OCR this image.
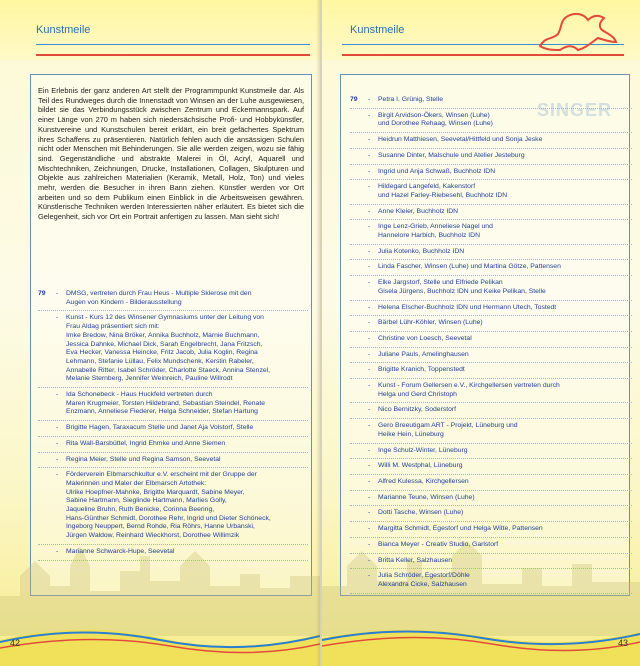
Kunstmeile
Ein Erlebnis der ganz anderen Art stellt der Programmpunkt Kunstmeile dar. Als Teil des Rundweges durch die Innenstadt von Winsen an der Luhe ausgewiesen, bildet sie das Verbindungsstück zwischen Zentrum und Eckermannspark. Auf einer Länge von 270 m haben sich niedersächsische Profi- und Hobbykünstler, Kunstvereine und Kunstschulen bereit erklärt, ein breit gefächertes Spektrum ihres Schaffens zu präsentieren. Natürlich fehlen auch die ansässigen Schulen nicht oder Menschen mit Behinderungen. Sie alle werden zeigen, wozu sie fähig sind. Gegenständliche und abstrakte Malerei in Öl, Acryl, Aquarell und Mischtechniken, Zeichnungen, Drucke, Installationen, Collagen, Skulpturen und Objekte aus zahlreichen Materialien (Keramik, Metall, Holz, Ton) und vieles mehr, werden die Besucher in ihren Bann ziehen. Künstler werden vor Ort arbeiten und so dem Publikum einen Einblick in die Arbeitsweisen gewähren. Künstlerische Techniken werden Interessierten näher erläutert. Es bietet sich die Gelegenheit, sich vor Ort ein Portrait anfertigen zu lassen. Man sieht sich!
79	- DMSG, vertreten durch Frau Heus - Multiple Sklerose mit den
Augen von Kindern - Bilderausstellung
- Kunst - Kurs 12 des Winsener Gymnasiums unter der Leitung von
Frau Aldag präsentiert sich mit:
Imke Bredow, Nina Bröker, Annika Buchholz, Marnie Buchmann,
Jessica Dahnke, Michael Dick, Sarah Engelbrecht, Jana Fritzsch,
Eva Hecker, Vanessa Heincke, Fritz Jacob, Julia Koglin, Regina
Lehmann, Stefanie Lüllau, Felix Mundschenk, Kerstin Rabeler,
Annabelle Ritter, Isabel Schröder, Charlotte Staeck, Annina Stenzel,
Melanie Sternberg, Jennifer Weinreich, Pauline Willrodt
- Ida Schonebeck - Haus Huckfeld vertreten durch
Maren Krugmeier, Torsten Hildebrand, Sebastian Steindel, Renate
Enzmann, Anneliese Fiederer, Helga Schneider, Stefan Hartung
- Brigitte Hagen, Taraxacum Stelle und Janet Aja Volstorf, Stelle
- Rita Wall-Barsbüttel, Ingrid Ehmke und Anne Siemen
- Regina Meier, Stelle und Regina Samson, Seevetal
- Förderverein Elbmarschkultur e.V. erscheint mit der Gruppe der
Malerinnen und Maler der Elbmarsch Artothek:
Ulrike Hoepfner-Mahnke, Brigitte Marquardt, Sabine Meyer,
Sabine Hartmann, Sieglinde Hartmann, Marlies Golly,
Jaqueline Bruhn, Ruth Benicke, Corinna Beering,
Hans-Günther Schmidt, Dorothee Rehr, Ingrid und Dieter Schöneck,
Ingeborg Neuppert, Bernd Rohde, Ria Röhrs, Hanne Urbanski,
Jürgen Waldow, Reinhard Wieckhorst, Dorothee Willimzik
- Marianne Schwarck-Hupe, Seevetal
42
Kunstmeile
SINGER
79	- Petra I. Grünig, Stelle
- Birgit Arvidson-Ökers, Winsen (Luhe)
und Dorothee Rehaag, Winsen (Luhe)
- Heidrun Matthiesen, Seevetal/Hittfeld und Sonja Jeske
- Susanne Dinter, Malschule und Atelier Jesteburg
- Ingrid und Anja Schwaß, Buchholz IDN
- Hildegard Langefeld, Kakenstorf
und Hazel Farley-Riebesehl, Buchholz IDN
- Anne Kleier, Buchholz IDN
- Inge Lenz-Grieb, Anneliese Nagel und
Hannelore Harbich, Buchholz IDN
- Julia Kotenko, Buchholz IDN
- Linda Fascher, Winsen (Luhe) und Martina Götze, Pattensen
- Elke Jargstorf, Stelle und Elfriede Pelikan
Gisela Jürgens, Buchholz IDN und Keike Pelikan, Stelle
- Helena Elscher-Buchholz IDN und Hermann Utech, Tostedt
- Bärbel Lühr-Köhler, Winsen (Luhe)
- Christine von Loesch, Seevetal
- Juliane Pauls, Amelinghausen
- Brigitte Kranich, Toppenstedt
- Kunst - Forum Gellersen e.V., Kirchgellersen vertreten durch
Helga und Gerd Christoph
- Nico Bernitzky, Soderstorf
- Gero Breeutigam ART - Projekt, Lüneburg und
Heike Hein, Lüneburg
- Inge Schulz-Winter, Lüneburg
- Willi M. Westphal, Lüneburg
- Alfred Kulessa, Kirchgellersen
- Marianne Teune, Winsen (Luhe)
- Dotti Tasche, Winsen (Luhe)
- Margitta Schmidt, Egestorf und Helga Witte, Pattensen
- Bianca Meyer - Creativ Studio, Garlstorf
- Britta Keller, Salzhausen
- Julia Schröder, Egestorf/Döhle
Alexandra Cicke, Salzhausen
43
